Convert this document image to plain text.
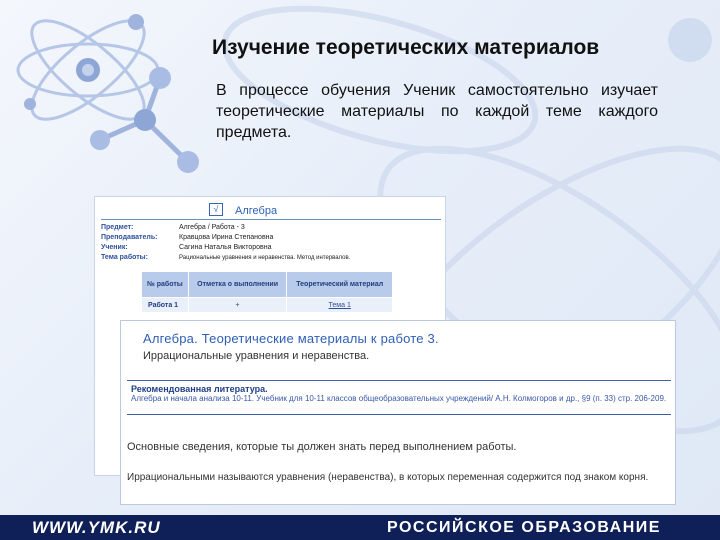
Изучение теоретических материалов
В процессе обучения Ученик самостоятельно изучает теоретические материалы по каждой теме каждого предмета.
√	Алгебра
Предмет:	Алгебра / Работа - 3
Преподаватель:	Кравцова Ирина Степановна
Ученик:	Сагина Наталья Викторовна
Тема работы:	Рациональные уравнения и неравенства. Метод интервалов.
№ работы	Отметка о выполнении	Теоретический материал
Работа 1	+	Тема 1
Алгебра. Теоретические материалы к работе 3.
Иррациональные уравнения и неравенства.
Рекомендованная литература.
Алгебра и начала анализа 10-11. Учебник для 10-11 классов общеобразовательных учреждений/ А.Н. Колмогоров и др., §9 (п. 33) стр. 206-209.
Основные сведения, которые ты должен знать перед выполнением работы.
Иррациональными называются уравнения (неравенства), в которых переменная содержится под знаком корня.
WWW.YMK.RU	РОССИЙСКОЕ ОБРАЗОВАНИЕ
